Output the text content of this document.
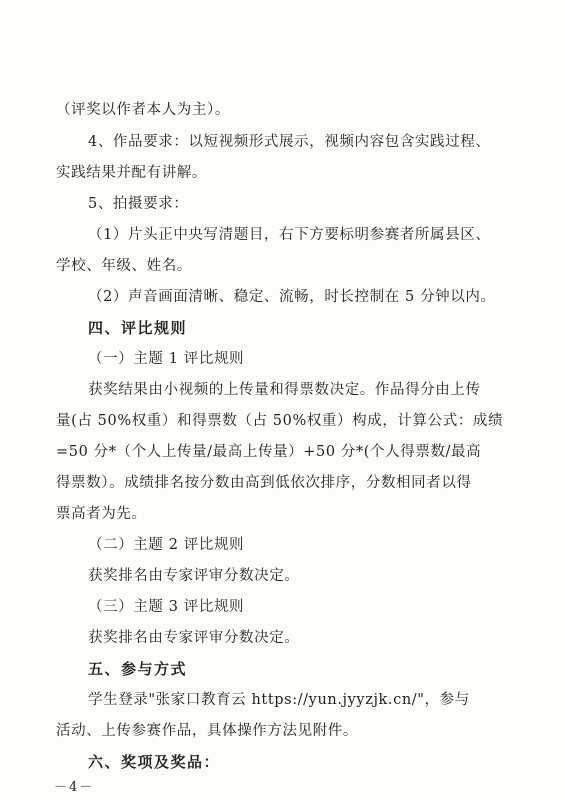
（评奖以作者本人为主）。
4、作品要求：以短视频形式展示，视频内容包含实践过程、
实践结果并配有讲解。
5、拍摄要求：
（1）片头正中央写清题目，右下方要标明参赛者所属县区、
学校、年级、姓名。
（2）声音画面清晰、稳定、流畅，时长控制在 5 分钟以内。
四、评比规则
（一）主题 1 评比规则
获奖结果由小视频的上传量和得票数决定。作品得分由上传
量(占 50%权重）和得票数（占 50%权重）构成，计算公式：成绩
=50 分*（个人上传量/最高上传量）+50 分*(个人得票数/最高
得票数）。成绩排名按分数由高到低依次排序，分数相同者以得
票高者为先。
（二）主题 2 评比规则
获奖排名由专家评审分数决定。
（三）主题 3 评比规则
获奖排名由专家评审分数决定。
五、参与方式
学生登录"张家口教育云 https://yun.jyyzjk.cn/"，参与
活动、上传参赛作品，具体操作方法见附件。
六、奖项及奖品：
－4－
